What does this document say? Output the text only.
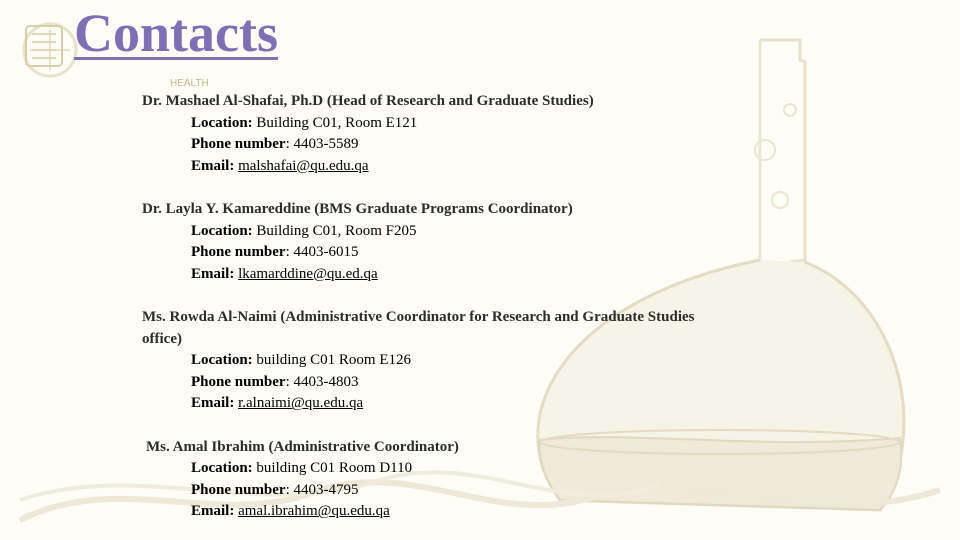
HEALTH
Contacts
Dr. Mashael Al-Shafai, Ph.D (Head of Research and Graduate Studies)
Location: Building C01, Room E121
Phone number: 4403-5589
Email: malshafai@qu.edu.qa
Dr. Layla Y. Kamareddine (BMS Graduate Programs Coordinator)
Location: Building C01, Room F205
Phone number: 4403-6015
Email: lkamarddine@qu.ed.qa
Ms. Rowda Al-Naimi (Administrative Coordinator for Research and Graduate Studies
office)
Location: building C01 Room E126
Phone number: 4403-4803
Email: r.alnaimi@qu.edu.qa
Ms. Amal Ibrahim (Administrative Coordinator)
Location: building C01 Room D110
Phone number: 4403-4795
Email: amal.ibrahim@qu.edu.qa
